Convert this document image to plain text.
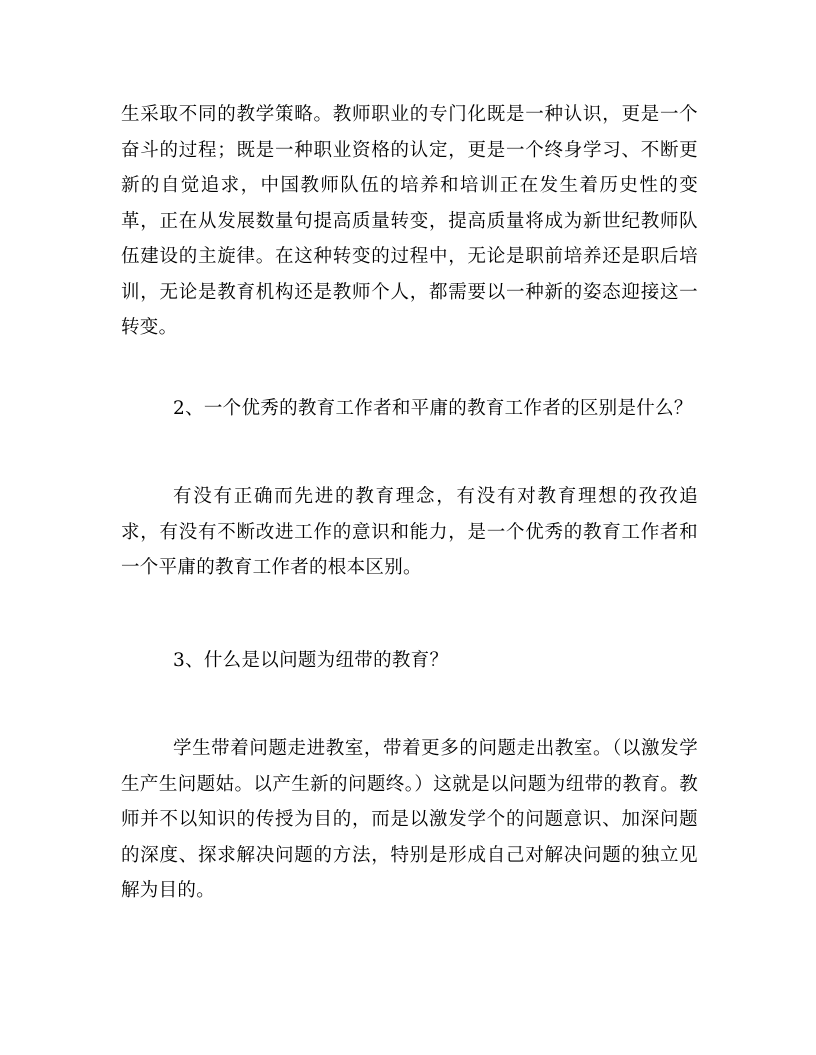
生采取不同的教学策略。教师职业的专门化既是一种认识，更是一个奋斗的过程；既是一种职业资格的认定，更是一个终身学习、不断更新的自觉追求，中国教师队伍的培养和培训正在发生着历史性的变革，正在从发展数量句提高质量转变，提高质量将成为新世纪教师队伍建设的主旋律。在这种转变的过程中，无论是职前培养还是职后培训，无论是教育机构还是教师个人，都需要以一种新的姿态迎接这一转变。

2、一个优秀的教育工作者和平庸的教育工作者的区别是什么？

有没有正确而先进的教育理念，有没有对教育理想的孜孜追求，有没有不断改进工作的意识和能力，是一个优秀的教育工作者和一个平庸的教育工作者的根本区别。

3、什么是以问题为纽带的教育？

学生带着问题走进教室，带着更多的问题走出教室。（以激发学生产生问题姑。以产生新的问题终。）这就是以问题为纽带的教育。教师并不以知识的传授为目的，而是以激发学个的问题意识、加深问题的深度、探求解决问题的方法，特别是形成自己对解决问题的独立见解为目的。
